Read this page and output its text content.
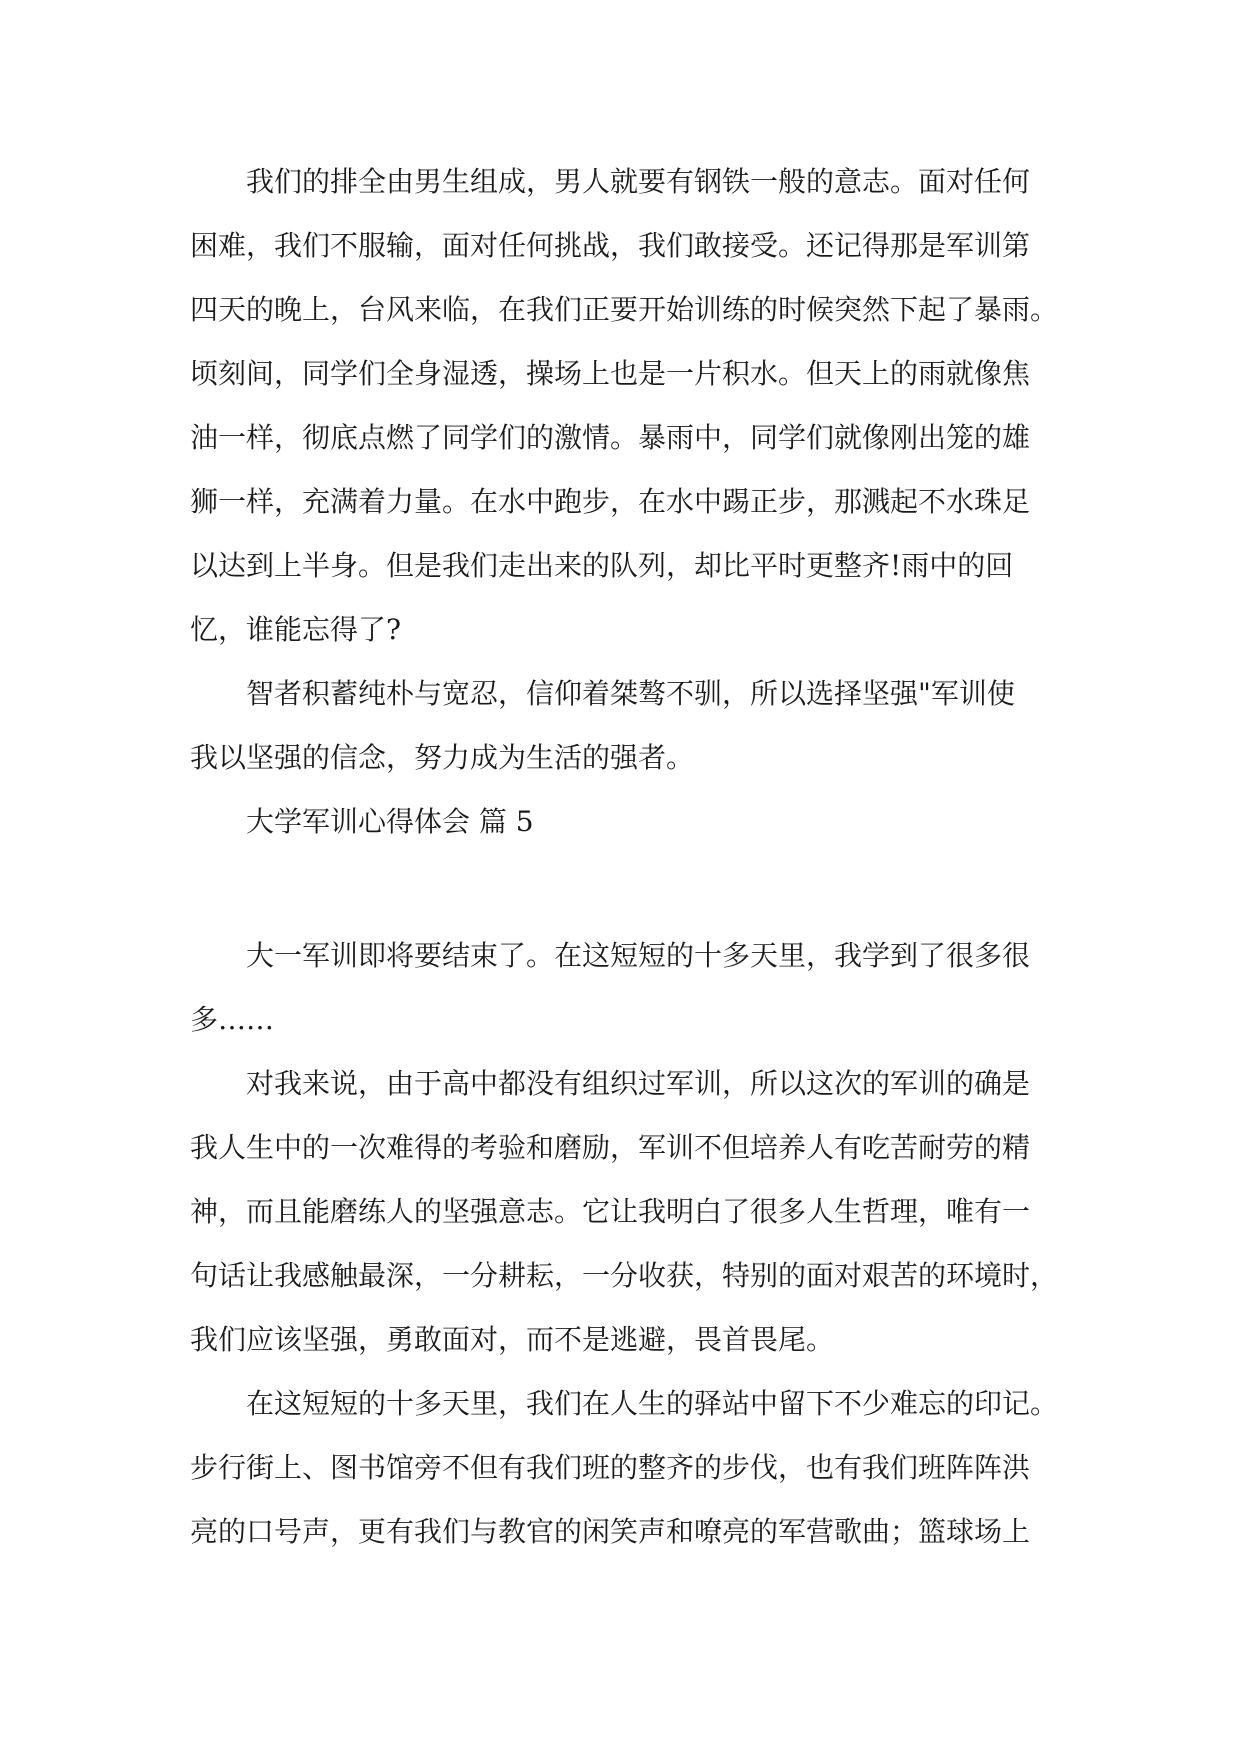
我们的排全由男生组成，男人就要有钢铁一般的意志。面对任何
困难，我们不服输，面对任何挑战，我们敢接受。还记得那是军训第
四天的晚上，台风来临，在我们正要开始训练的时候突然下起了暴雨。
顷刻间，同学们全身湿透，操场上也是一片积水。但天上的雨就像焦
油一样，彻底点燃了同学们的激情。暴雨中，同学们就像刚出笼的雄
狮一样，充满着力量。在水中跑步，在水中踢正步，那溅起不水珠足
以达到上半身。但是我们走出来的队列，却比平时更整齐!雨中的回
忆，谁能忘得了?
智者积蓄纯朴与宽忍，信仰着桀骜不驯，所以选择坚强"军训使
我以坚强的信念，努力成为生活的强者。
大学军训心得体会 篇 5
大一军训即将要结束了。在这短短的十多天里，我学到了很多很
多……
对我来说，由于高中都没有组织过军训，所以这次的军训的确是
我人生中的一次难得的考验和磨励，军训不但培养人有吃苦耐劳的精
神，而且能磨练人的坚强意志。它让我明白了很多人生哲理，唯有一
句话让我感触最深，一分耕耘，一分收获，特别的面对艰苦的环境时，
我们应该坚强，勇敢面对，而不是逃避，畏首畏尾。
在这短短的十多天里，我们在人生的驿站中留下不少难忘的印记。
步行街上、图书馆旁不但有我们班的整齐的步伐，也有我们班阵阵洪
亮的口号声，更有我们与教官的闲笑声和嘹亮的军营歌曲；篮球场上
